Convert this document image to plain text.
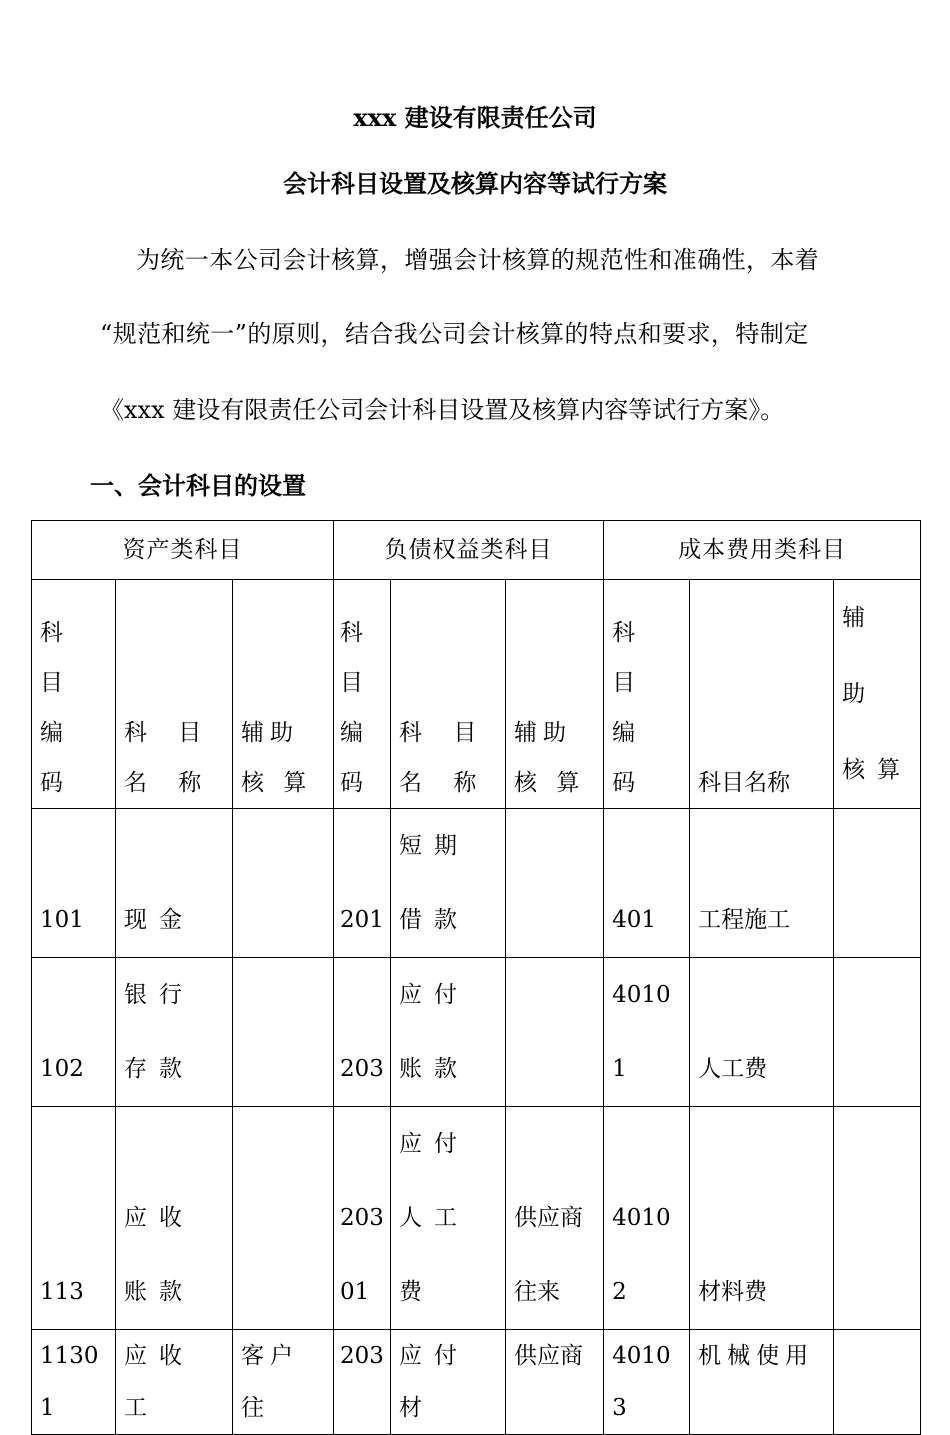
xxx 建设有限责任公司
会计科目设置及核算内容等试行方案
为统一本公司会计核算，增强会计核算的规范性和准确性，本着
“规范和统一”的原则，结合我公司会计核算的特点和要求，特制定
《xxx 建设有限责任公司会计科目设置及核算内容等试行方案》。
一、会计科目的设置
资产类科目			负债权益类科目			成本费用类科目		
科 目 编码	科 目 名 称	辅助核 算	科目编码	科 目 名 称	辅助核 算	科 目 编码	科目名称	辅 助 核算
101	现金		201	短期借款		401	工程施工	
102	银行存款		203	应付账款		40101	人工费	
113	应收账款		20301	应付人工费	供应商往来	40102	材料费	
11301	应收工	客户往	203	应付材	供应商	40103	机械使用	
